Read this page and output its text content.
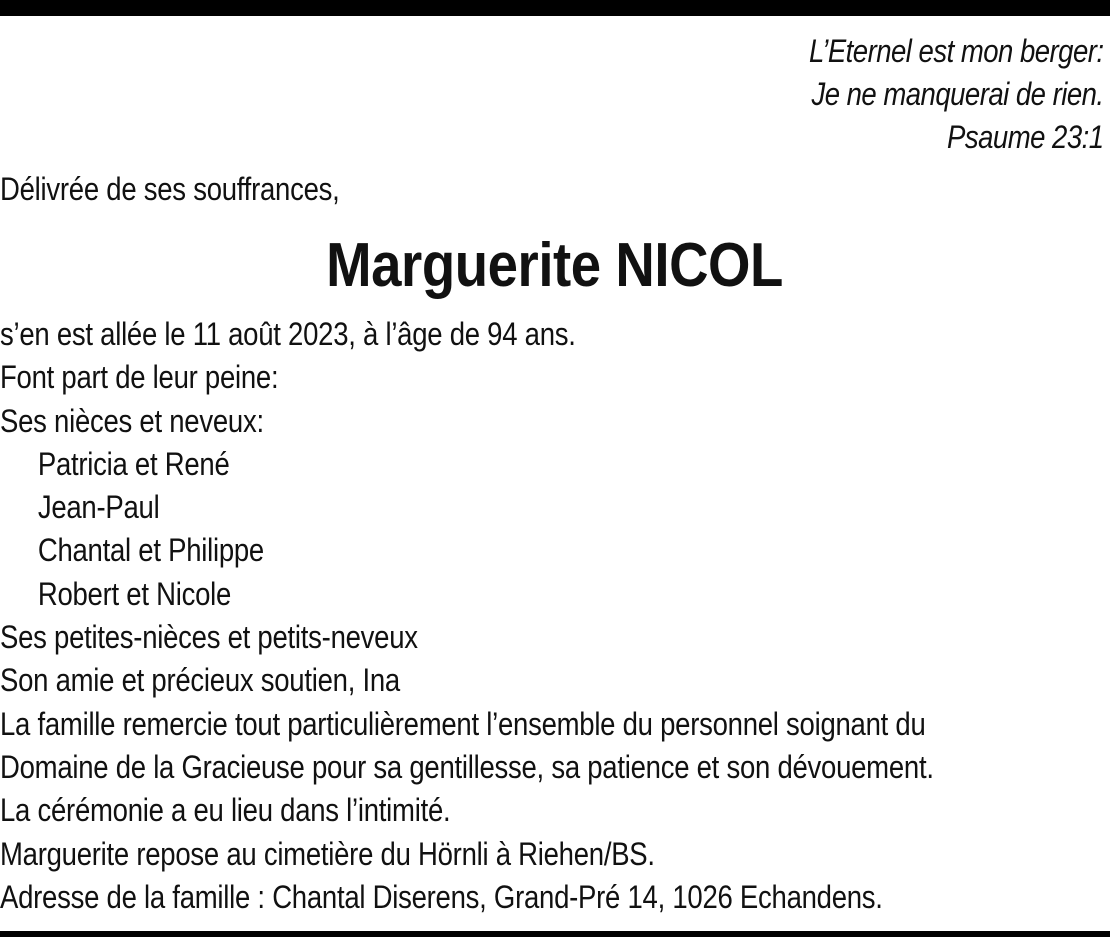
L’Eternel est mon berger:
Je ne manquerai de rien.
Psaume 23:1
Délivrée de ses souffrances,
Marguerite NICOL
s’en est allée le 11 août 2023, à l’âge de 94 ans.
Font part de leur peine:
Ses nièces et neveux:
Patricia et René
Jean-Paul
Chantal et Philippe
Robert et Nicole
Ses petites-nièces et petits-neveux
Son amie et précieux soutien, Ina
La famille remercie tout particulièrement l’ensemble du personnel soignant du
Domaine de la Gracieuse pour sa gentillesse, sa patience et son dévouement.
La cérémonie a eu lieu dans l’intimité.
Marguerite repose au cimetière du Hörnli à Riehen/BS.
Adresse de la famille : Chantal Diserens, Grand-Pré 14, 1026 Echandens.
